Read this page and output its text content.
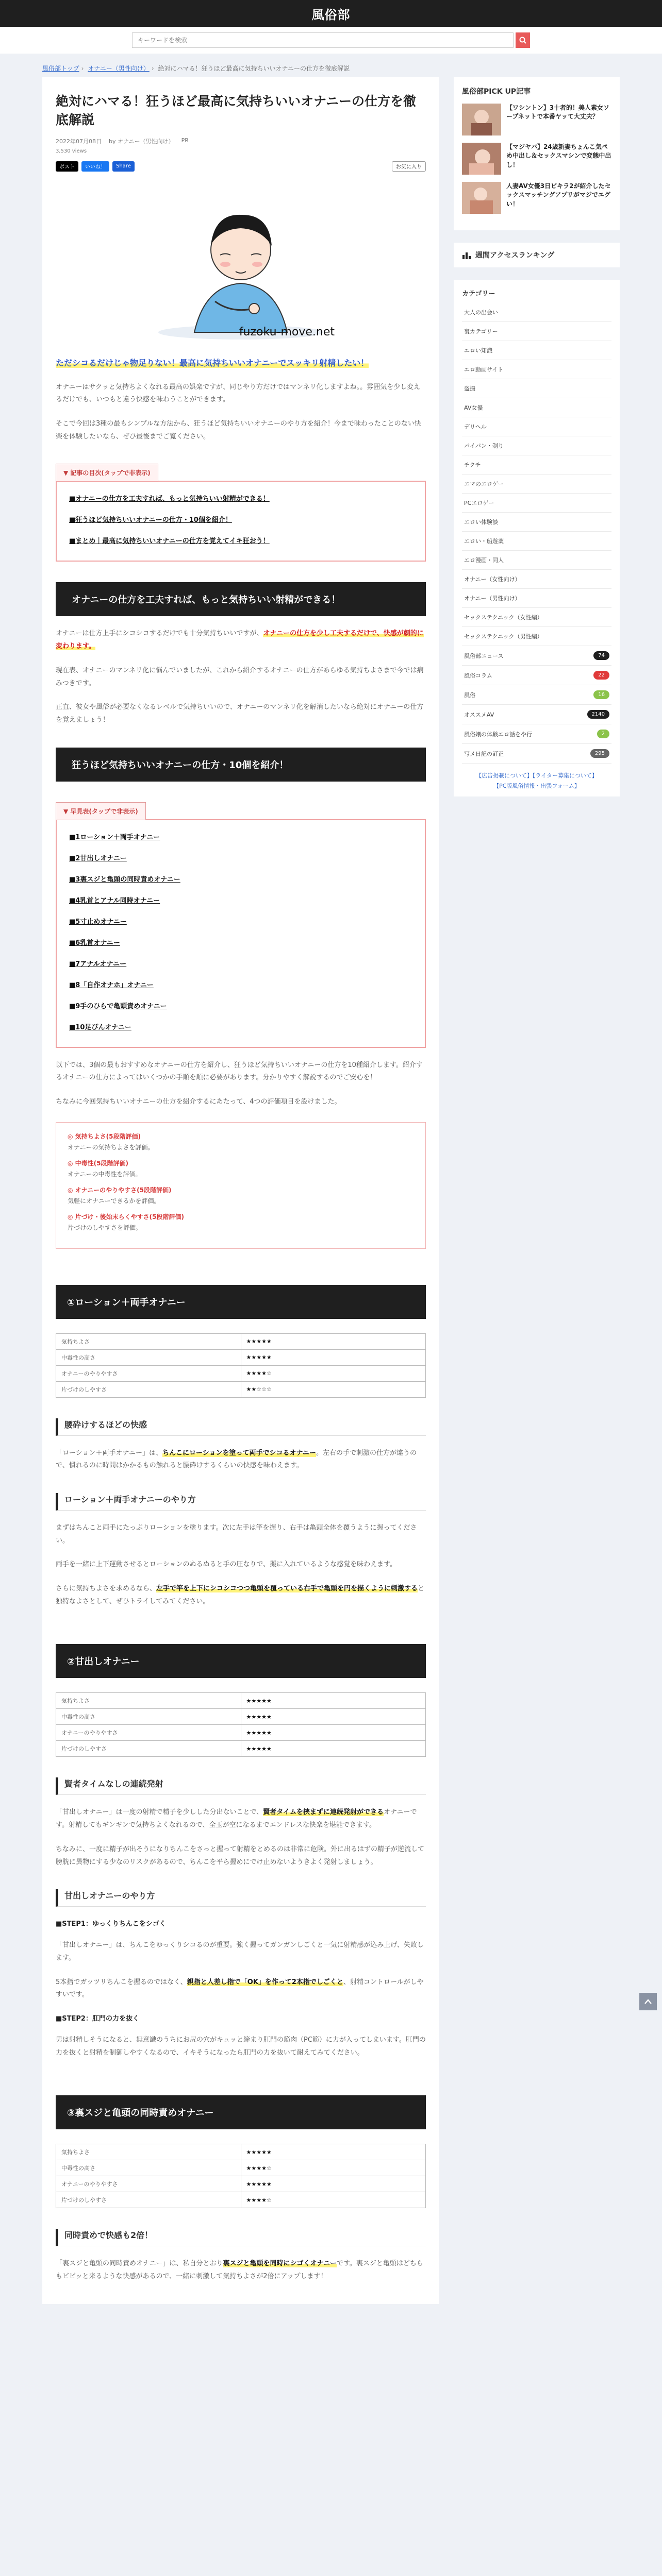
風俗部
キーワードを検索
風俗部トップ › オナニー（男性向け） › 絶対にハマる！狂うほど最高に気持ちいいオナニーの仕方を徹底解説
絶対にハマる！狂うほど最高に気持ちいいオナニーの仕方を徹底解説
2022年07月08日 by オナニー（男性向け） PR
3,530 views
ポスト	いいね！	Share	お気に入り
fuzoku-move.net
ただシコるだけじゃ物足りない！最高に気持ちいいオナニーでスッキリ射精したい！

オナニーはサクッと気持ちよくなれる最高の娯楽ですが、同じやり方だけではマンネリ化しますよね。。雰囲気を少し変えるだけでも、いつもと違う快感を味わうことができます。

そこで今回は3種の最もシンプルな方法から、狂うほど気持ちいいオナニーのやり方を紹介！今まで味わったことのない快楽を体験したいなら、ぜひ最後までご覧ください。

▼ 記事の目次(タップで非表示)
■オナニーの仕方を工夫すれば、もっと気持ちいい射精ができる！
■狂うほど気持ちいいオナニーの仕方・10個を紹介！
■まとめ｜最高に気持ちいいオナニーの仕方を覚えてイキ狂おう！
オナニーの仕方を工夫すれば、もっと気持ちいい射精ができる！

オナニーは仕方上手にシコシコするだけでも十分気持ちいいですが、オナニーの仕方を少し工夫するだけで、快感が劇的に変わります。

現在表、オナニーのマンネリ化に悩んでいましたが、これから紹介するオナニーの仕方があらゆる気持ちよさまで今では病みつきです。

正直、彼女や風俗が必要なくなるレベルで気持ちいいので、オナニーのマンネリ化を解消したいなら絶対にオナニーの仕方を覚えましょう！

狂うほど気持ちいいオナニーの仕方・10個を紹介！
▼ 早見表(タップで非表示)
■1ローション＋両手オナニー
■2甘出しオナニー
■3裏スジと亀頭の同時責めオナニー
■4乳首とアナル同時オナニー
■5寸止めオナニー
■6乳首オナニー
■7アナルオナニー
■8「自作オナホ」オナニー
■9手のひらで亀頭責めオナニー
■10足ぴんオナニー

以下では、3個の最もおすすめなオナニーの仕方を紹介し、狂うほど気持ちいいオナニーの仕方を10種紹介します。紹介するオナニーの仕方によってはいくつかの手順を順に必要があります。分かりやすく解説するのでご安心を！

ちなみに今回気持ちいいオナニーの仕方を紹介するにあたって、4つの評価項目を設けました。

◎ 気持ちよさ(5段階評価)
オナニーの気持ちよさを評価。
◎ 中毒性(5段階評価)
オナニーの中毒性を評価。
◎ オナニーのやりやすさ(5段階評価)
気軽にオナニーできるかを評価。
◎ 片づけ・後始末らくやすさ(5段階評価)
片づけのしやすさを評価。
①ローション＋両手オナニー
気持ちよさ	★★★★★
中毒性の高さ	★★★★★
オナニーのやりやすさ	★★★★☆
片づけのしやすさ	★★☆☆☆
腰砕けするほどの快感

「ローション＋両手オナニー」は、ちんこにローションを塗って両手でシコるオナニー。左右の手で刺激の仕方が違うので、慣れるのに時間はかかるもの触れると腰砕けするくらいの快感を味わえます。

ローション＋両手オナニーのやり方

まずはちんこと両手にたっぷりローションを塗ります。次に左手は竿を握り、右手は亀頭全体を覆うように握ってください。

両手を一緒に上下運動させるとローションのぬるぬると手の圧なりで、擬に入れているような感覚を味わえます。

さらに気持ちよさを求めるなら、左手で竿を上下にシコシコつつ亀頭を覆っている右手で亀頭を円を描くように刺激すると独特なよさとして、ぜひトライしてみてください。

②甘出しオナニー
気持ちよさ	★★★★★
中毒性の高さ	★★★★★
オナニーのやりやすさ	★★★★★
片づけのしやすさ	★★★★★
賢者タイムなしの連続発射

「甘出しオナニー」は一度の射精で精子を少しした分出ないことで、賢者タイムを挟まずに連続発射ができるオナニーです。射精してもギンギンで気持ちよくなれるので、全玉が空になるまでエンドレスな快楽を堪能できます。

ちなみに、一度に精子が出そうになりちんこをさっと握って射精をとめるのは非常に危険。外に出るはずの精子が逆流して膀胱に異物にする少なのリスクがあるので、ちんこを平ら握めにでけ止めないようきよく発射しましょう。

甘出しオナニーのやり方
■STEP1：ゆっくりちんこをシゴく

「甘出しオナニー」は、ちんこをゆっくりシコるのが重要。強く握ってガンガンしごくと一気に射精感が込み上げ、失敗します。

5本指でガッツリちんこを握るのではなく、親指と人差し指で「OK」を作って2本指でしごくと、射精コントロールがしやすいです。

■STEP2：肛門の力を抜く

男は射精しそうになると、無意識のうちにお尻の穴がキュッと締まり肛門の筋肉（PC筋）に力が入ってしまいます。肛門の力を抜くと射精を制御しやすくなるので、イキそうになったら肛門の力を抜いて耐えてみてください。

③裏スジと亀頭の同時責めオナニー
気持ちよさ	★★★★★
中毒性の高さ	★★★★☆
オナニーのやりやすさ	★★★★★
片づけのしやすさ	★★★★☆
同時責めで快感も2倍！

「裏スジと亀頭の同時責めオナニー」は、私自分とおり裏スジと亀頭を同時にシゴくオナニーです。裏スジと亀頭はどちらもビビッと来るような快感があるので、一緒に刺激して気持ちよさが2倍にアップします！

風俗部PICK UP記事
【ワシントン】3十者的！美人素女ソープネットで本番ヤッて大丈夫？
【マジヤバ】24歳新妻ちょんこ気ペめ中出し＆セックスマシンで変態中出し！
人妻AV女優3日ビキラ2が紹介したセックスマッチングアプリがマジでエグい！
週間アクセスランキング
カテゴリー
大人の出会い
裏カテゴリー
エロい知識
エロ動画サイト
盗撮
AV女優
デリヘル
パイパン・剃り
チクチ
エマのエロゲー
PCエロゲー
エロい体験談
エロい・船遊薬
エロ漫画・同人
オナニー（女性向け）
オナニー（男性向け）
セックステクニック（女性編）
セックステクニック（男性編）
風俗部ニュース	74
風俗コラム	22
風俗	16
オススメAV	2140
風俗嬢の体験エロ話をや行	2
写メ日記の訂正	295
【広告掲載について】【ライター募集について】
【PC版風俗情報・出張フォーム】
